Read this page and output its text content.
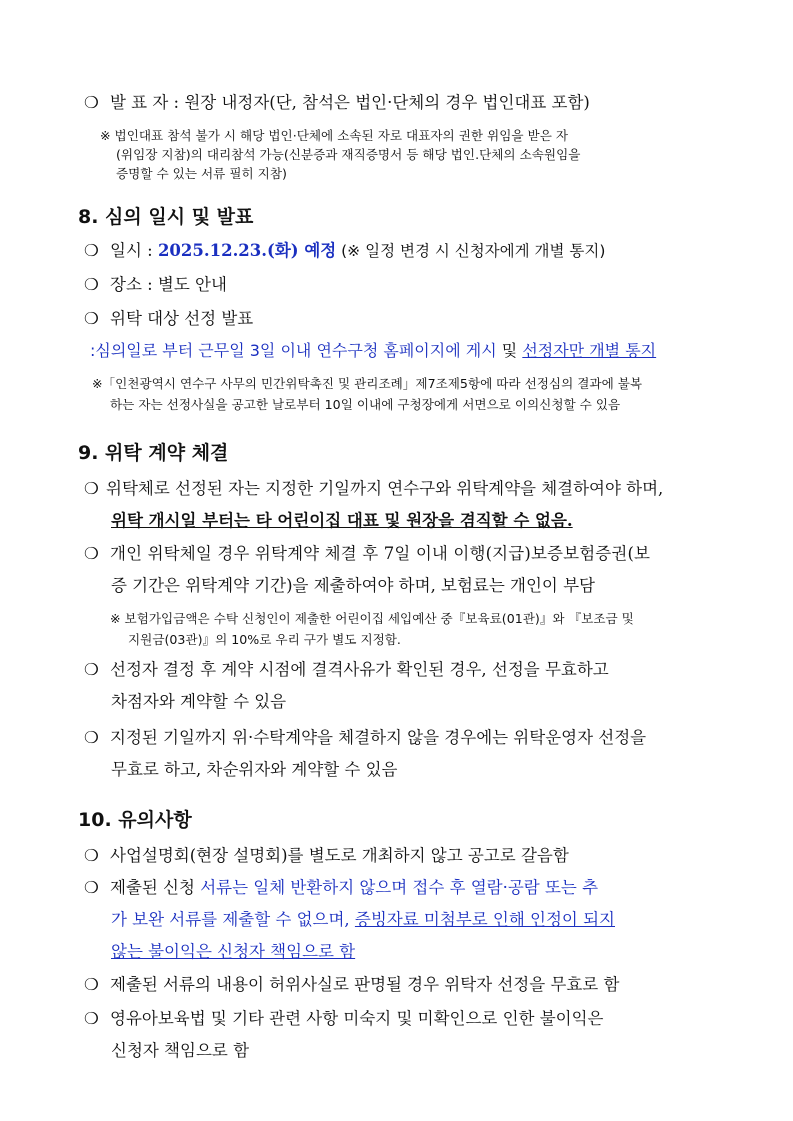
❍ 발 표 자 : 원장 내정자(단, 참석은 법인·단체의 경우 법인대표 포함)
※ 법인대표 참석 불가 시 해당 법인·단체에 소속된 자로 대표자의 권한 위임을 받은 자
(위임장 지참)의 대리참석 가능(신분증과 재직증명서 등 해당 법인.단체의 소속원임을
증명할 수 있는 서류 필히 지참)
8. 심의 일시 및 발표
❍ 일시 : 2025.12.23.(화) 예정 (※ 일정 변경 시 신청자에게 개별 통지)
❍ 장소 : 별도 안내
❍ 위탁 대상 선정 발표
:심의일로 부터 근무일 3일 이내 연수구청 홈페이지에 게시 및 선정자만 개별 통지
※「인천광역시 연수구 사무의 민간위탁촉진 및 관리조례」제7조제5항에 따라 선정심의 결과에 불복
하는 자는 선정사실을 공고한 날로부터 10일 이내에 구청장에게 서면으로 이의신청할 수 있음
9. 위탁 계약 체결
❍ 위탁체로 선정된 자는 지정한 기일까지 연수구와 위탁계약을 체결하여야 하며,
위탁 개시일 부터는 타 어린이집 대표 및 원장을 겸직할 수 없음.
❍ 개인 위탁체일 경우 위탁계약 체결 후 7일 이내 이행(지급)보증보험증권(보
증 기간은 위탁계약 기간)을 제출하여야 하며, 보험료는 개인이 부담
※ 보험가입금액은 수탁 신청인이 제출한 어린이집 세입예산 중『보육료(01관)』와 『보조금 및
지원금(03관)』의 10%로 우리 구가 별도 지정함.
❍ 선정자 결정 후 계약 시점에 결격사유가 확인된 경우, 선정을 무효하고
차점자와 계약할 수 있음
❍ 지정된 기일까지 위·수탁계약을 체결하지 않을 경우에는 위탁운영자 선정을
무효로 하고, 차순위자와 계약할 수 있음
10. 유의사항
❍ 사업설명회(현장 설명회)를 별도로 개최하지 않고 공고로 갈음함
❍ 제출된 신청 서류는 일체 반환하지 않으며 접수 후 열람·공람 또는 추
가 보완 서류를 제출할 수 없으며, 증빙자료 미첨부로 인해 인정이 되지
않는 불이익은 신청자 책임으로 함
❍ 제출된 서류의 내용이 허위사실로 판명될 경우 위탁자 선정을 무효로 함
❍ 영유아보육법 및 기타 관련 사항 미숙지 및 미확인으로 인한 불이익은
신청자 책임으로 함
